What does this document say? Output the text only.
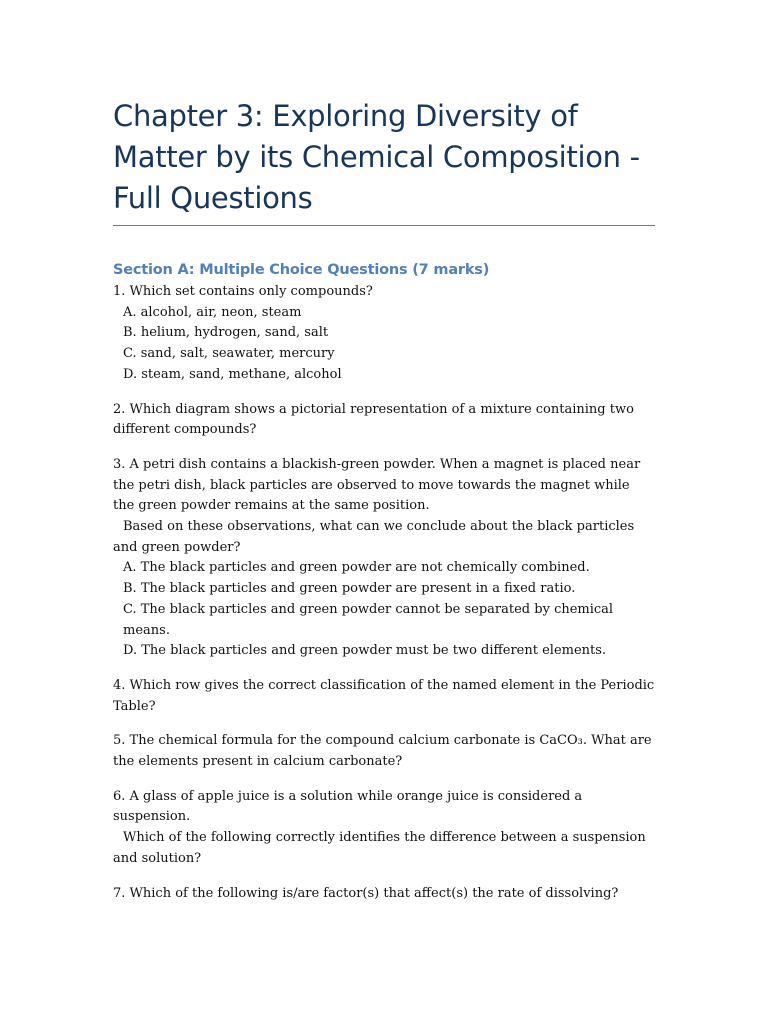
Chapter 3: Exploring Diversity of Matter by its Chemical Composition - Full Questions
Section A: Multiple Choice Questions (7 marks)

1. Which set contains only compounds?

A. alcohol, air, neon, steam
B. helium, hydrogen, sand, salt
C. sand, salt, seawater, mercury
D. steam, sand, methane, alcohol

2. Which diagram shows a pictorial representation of a mixture containing two different compounds?

3. A petri dish contains a blackish-green powder. When a magnet is placed near the petri dish, black particles are observed to move towards the magnet while the green powder remains at the same position.

Based on these observations, what can we conclude about the black particles and green powder?

A. The black particles and green powder are not chemically combined.
B. The black particles and green powder are present in a fixed ratio.
C. The black particles and green powder cannot be separated by chemical means.
D. The black particles and green powder must be two different elements.

4. Which row gives the correct classification of the named element in the Periodic Table?

5. The chemical formula for the compound calcium carbonate is CaCO₃. What are the elements present in calcium carbonate?

6. A glass of apple juice is a solution while orange juice is considered a suspension.

Which of the following correctly identifies the difference between a suspension and solution?

7. Which of the following is/are factor(s) that affect(s) the rate of dissolving?
